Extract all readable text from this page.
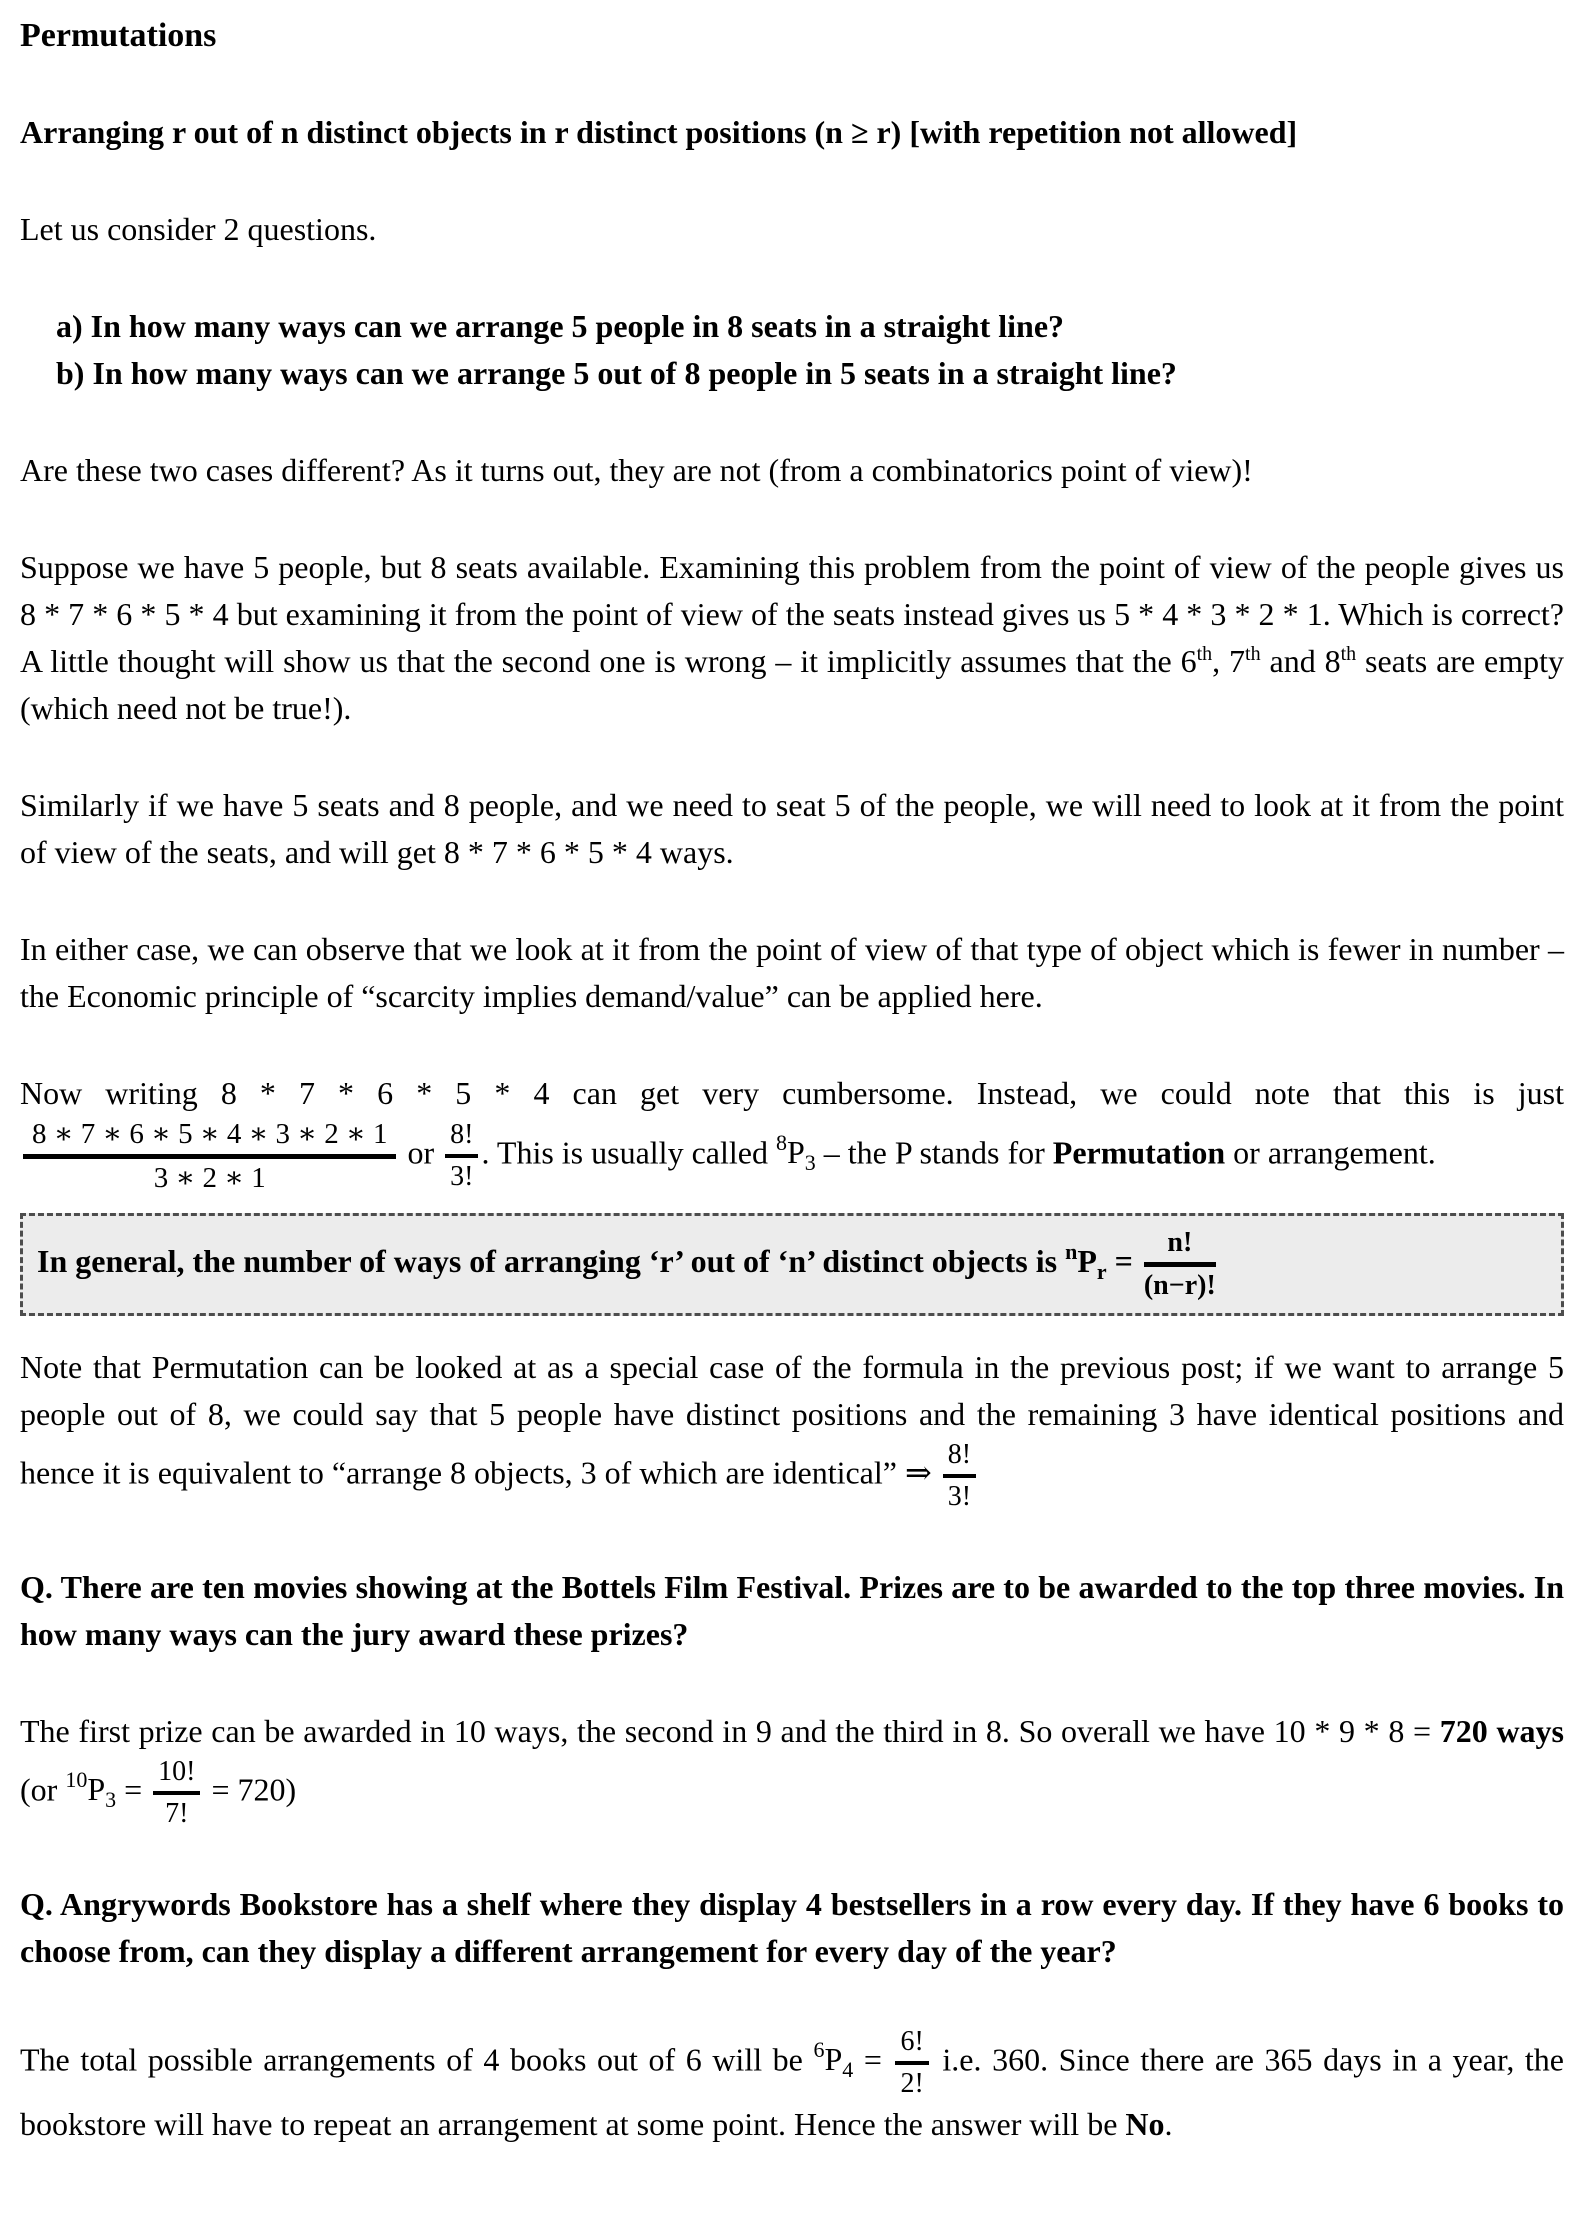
Permutations
Arranging r out of n distinct objects in r distinct positions (n ≥ r) [with repetition not allowed]

Let us consider 2 questions.

a) In how many ways can we arrange 5 people in 8 seats in a straight line?
b) In how many ways can we arrange 5 out of 8 people in 5 seats in a straight line?

Are these two cases different? As it turns out, they are not (from a combinatorics point of view)!

Suppose we have 5 people, but 8 seats available. Examining this problem from the point of view of the people gives us 8 * 7 * 6 * 5 * 4 but examining it from the point of view of the seats instead gives us 5 * 4 * 3 * 2 * 1. Which is correct? A little thought will show us that the second one is wrong – it implicitly assumes that the 6th, 7th and 8th seats are empty (which need not be true!).

Similarly if we have 5 seats and 8 people, and we need to seat 5 of the people, we will need to look at it from the point of view of the seats, and will get 8 * 7 * 6 * 5 * 4 ways.

In either case, we can observe that we look at it from the point of view of that type of object which is fewer in number – the Economic principle of “scarcity implies demand/value” can be applied here.

Now writing 8 * 7 * 6 * 5 * 4 can get very cumbersome. Instead, we could note that this is just
$\frac{8 ∗ 7 ∗ 6 ∗ 5 ∗ 4 ∗ 3 ∗ 2 ∗ 1}{3 ∗ 2 ∗ 1}$ or $\frac{8!}{3!}$ . This is usually called $^8P_3$ – the P stands for Permutation or arrangement.

In general, the number of ways of arranging ‘r’ out of ‘n’ distinct objects is $^nP_r = \frac{n!}{(n-r)!}$

Note that Permutation can be looked at as a special case of the formula in the previous post; if we want to arrange 5 people out of 8, we could say that 5 people have distinct positions and the remaining 3 have identical positions and hence it is equivalent to “arrange 8 objects, 3 of which are identical” ⇒ $\frac{8!}{3!}$

Q. There are ten movies showing at the Bottels Film Festival. Prizes are to be awarded to the top three movies. In how many ways can the jury award these prizes?

The first prize can be awarded in 10 ways, the second in 9 and the third in 8. So overall we have 10 * 9 * 8 = 720 ways (or $^{10}P_3 = \frac{10!}{7!} = 720$)

Q. Angrywords Bookstore has a shelf where they display 4 bestsellers in a row every day. If they have 6 books to choose from, can they display a different arrangement for every day of the year?

The total possible arrangements of 4 books out of 6 will be $^6P_4 = \frac{6!}{2!} i.e$. 360. Since there are 365 days in a year, the bookstore will have to repeat an arrangement at some point. Hence the answer will be No.
